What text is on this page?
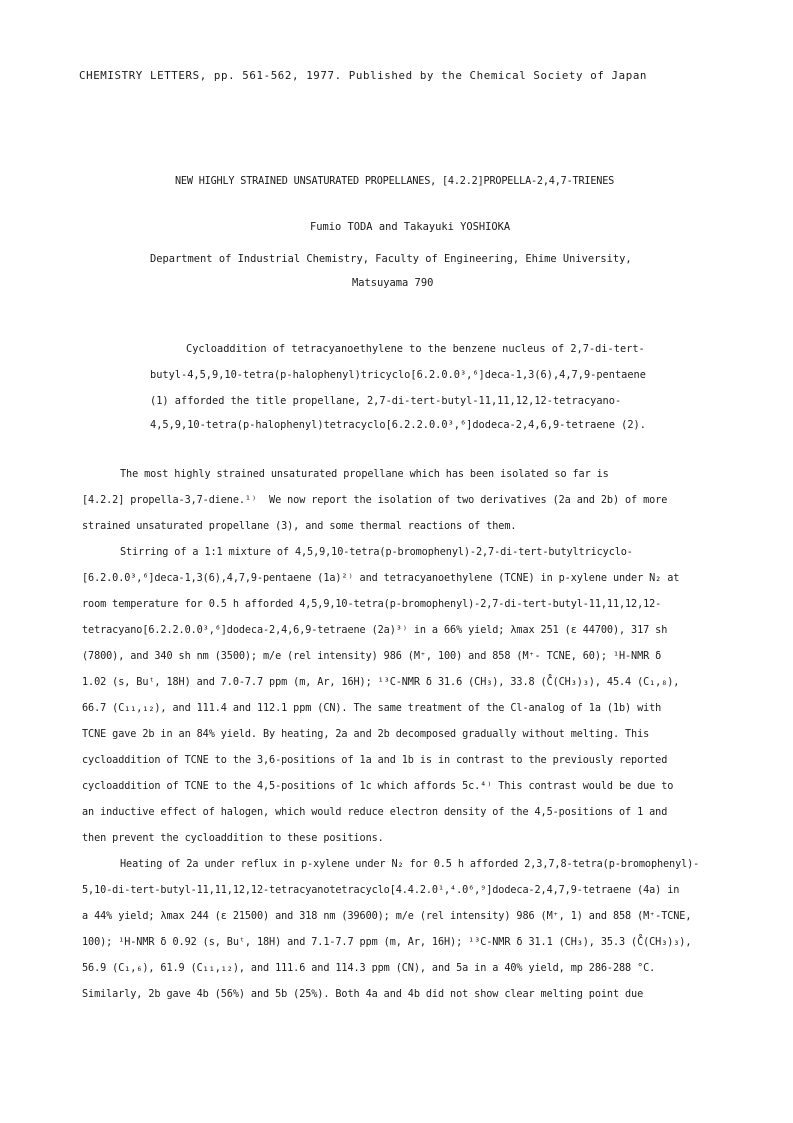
CHEMISTRY LETTERS, pp. 561-562, 1977. Published by the Chemical Society of Japan
NEW HIGHLY STRAINED UNSATURATED PROPELLANES, [4.2.2]PROPELLA-2,4,7-TRIENES
Fumio TODA and Takayuki YOSHIOKA
Department of Industrial Chemistry, Faculty of Engineering, Ehime University,
Matsuyama 790
Cycloaddition of tetracyanoethylene to the benzene nucleus of 2,7-di-tert-
butyl-4,5,9,10-tetra(p-halophenyl)tricyclo[6.2.0.0³,⁶]deca-1,3(6),4,7,9-pentaene
(1) afforded the title propellane, 2,7-di-tert-butyl-11,11,12,12-tetracyano-
4,5,9,10-tetra(p-halophenyl)tetracyclo[6.2.2.0.0³,⁶]dodeca-2,4,6,9-tetraene (2).
The most highly strained unsaturated propellane which has been isolated so far is
[4.2.2] propella-3,7-diene.¹⁾  We now report the isolation of two derivatives (2a and 2b) of more
strained unsaturated propellane (3), and some thermal reactions of them.
Stirring of a 1:1 mixture of 4,5,9,10-tetra(p-bromophenyl)-2,7-di-tert-butyltricyclo-
[6.2.0.0³,⁶]deca-1,3(6),4,7,9-pentaene (1a)²⁾ and tetracyanoethylene (TCNE) in p-xylene under N₂ at
room temperature for 0.5 h afforded 4,5,9,10-tetra(p-bromophenyl)-2,7-di-tert-butyl-11,11,12,12-
tetracyano[6.2.2.0.0³,⁶]dodeca-2,4,6,9-tetraene (2a)³⁾ in a 66% yield; λmax 251 (ε 44700), 317 sh
(7800), and 340 sh nm (3500); m/e (rel intensity) 986 (M⁺, 100) and 858 (M⁺- TCNE, 60); ¹H-NMR δ
1.02 (s, Buᵗ, 18H) and 7.0-7.7 ppm (m, Ar, 16H); ¹³C-NMR δ 31.6 (CH₃), 33.8 (C̊(CH₃)₃), 45.4 (C₁,₈),
66.7 (C₁₁,₁₂), and 111.4 and 112.1 ppm (CN). The same treatment of the Cl-analog of 1a (1b) with
TCNE gave 2b in an 84% yield. By heating, 2a and 2b decomposed gradually without melting. This
cycloaddition of TCNE to the 3,6-positions of 1a and 1b is in contrast to the previously reported
cycloaddition of TCNE to the 4,5-positions of 1c which affords 5c.⁴⁾ This contrast would be due to
an inductive effect of halogen, which would reduce electron density of the 4,5-positions of 1 and
then prevent the cycloaddition to these positions.
Heating of 2a under reflux in p-xylene under N₂ for 0.5 h afforded 2,3,7,8-tetra(p-bromophenyl)-
5,10-di-tert-butyl-11,11,12,12-tetracyanotetracyclo[4.4.2.0¹,⁴.0⁶,⁹]dodeca-2,4,7,9-tetraene (4a) in
a 44% yield; λmax 244 (ε 21500) and 318 nm (39600); m/e (rel intensity) 986 (M⁺, 1) and 858 (M⁺-TCNE,
100); ¹H-NMR δ 0.92 (s, Buᵗ, 18H) and 7.1-7.7 ppm (m, Ar, 16H); ¹³C-NMR δ 31.1 (CH₃), 35.3 (C̊(CH₃)₃),
56.9 (C₁,₆), 61.9 (C₁₁,₁₂), and 111.6 and 114.3 ppm (CN), and 5a in a 40% yield, mp 286-288 °C.
Similarly, 2b gave 4b (56%) and 5b (25%). Both 4a and 4b did not show clear melting point due
